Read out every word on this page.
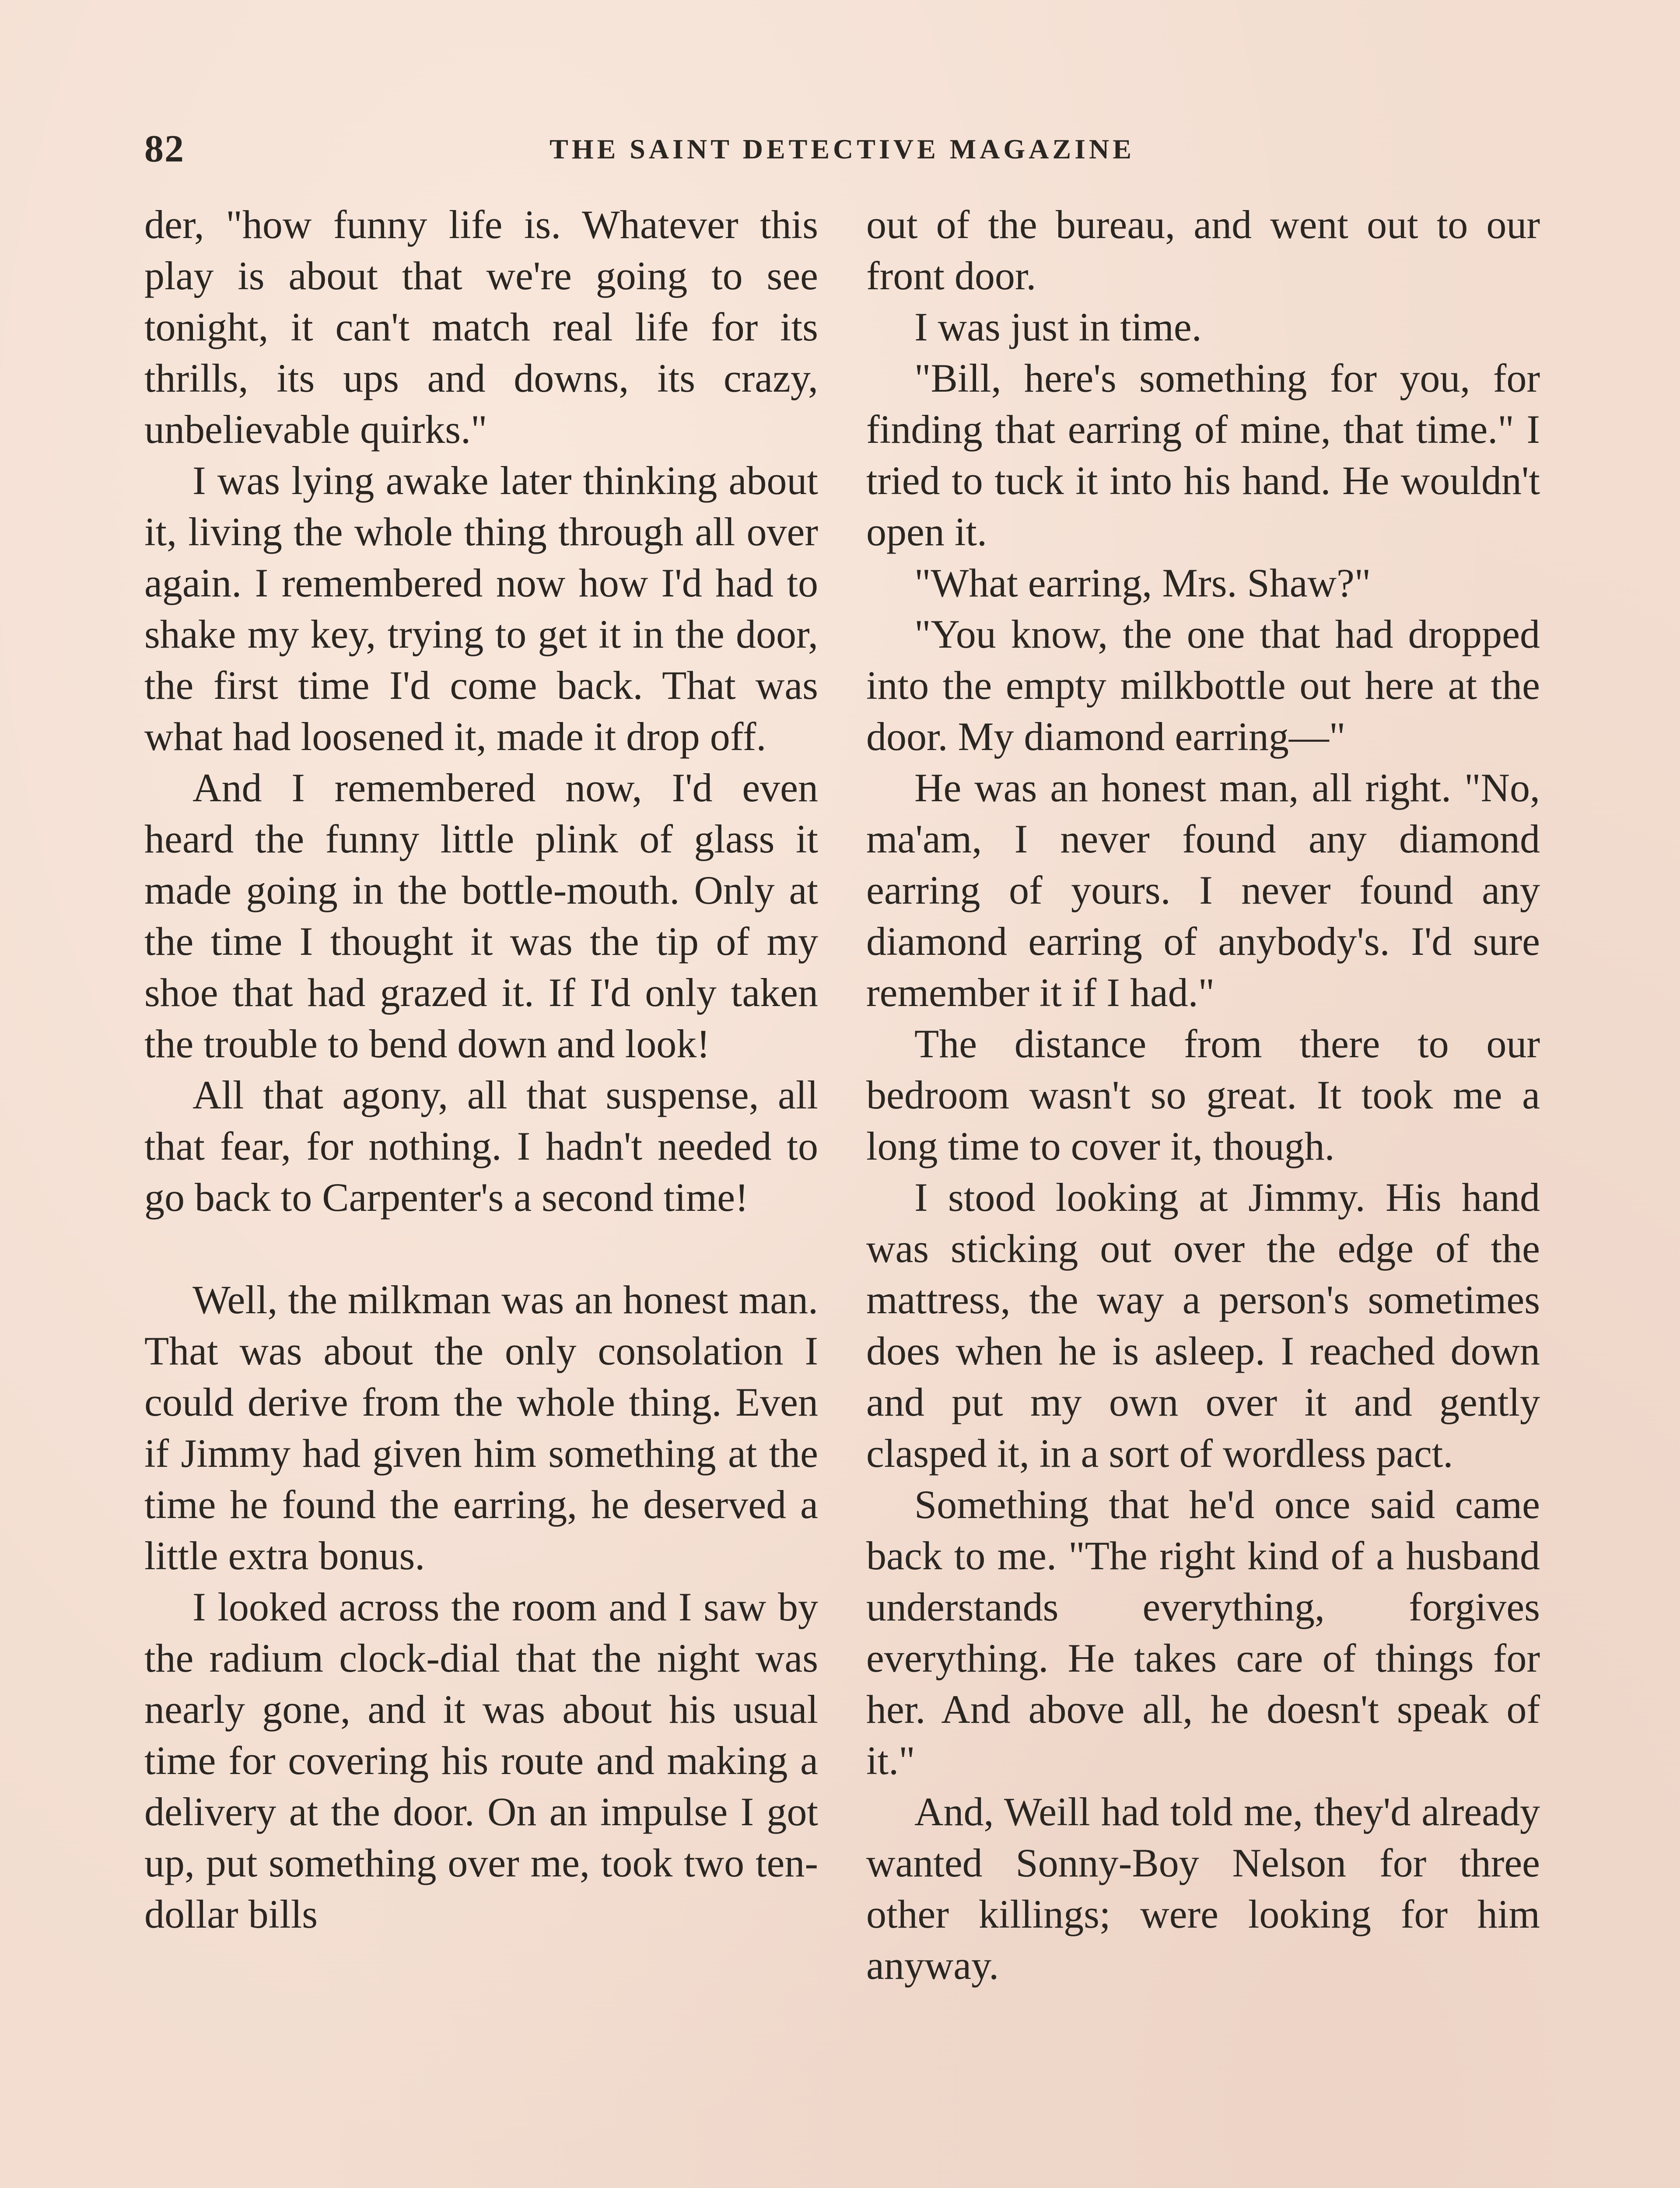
82	THE SAINT DETECTIVE MAGAZINE

der, "how funny life is. Whatever this play is about that we're going to see tonight, it can't match real life for its thrills, its ups and downs, its crazy, unbelievable quirks."

I was lying awake later thinking about it, living the whole thing through all over again. I remembered now how I'd had to shake my key, trying to get it in the door, the first time I'd come back. That was what had loosened it, made it drop off.

And I remembered now, I'd even heard the funny little plink of glass it made going in the bottle-mouth. Only at the time I thought it was the tip of my shoe that had grazed it. If I'd only taken the trouble to bend down and look!

All that agony, all that suspense, all that fear, for nothing. I hadn't needed to go back to Carpenter's a second time!

Well, the milkman was an honest man. That was about the only consolation I could derive from the whole thing. Even if Jimmy had given him something at the time he found the earring, he deserved a little extra bonus.

I looked across the room and I saw by the radium clock-dial that the night was nearly gone, and it was about his usual time for covering his route and making a delivery at the door. On an impulse I got up, put something over me, took two ten-dollar bills

out of the bureau, and went out to our front door.

I was just in time.

"Bill, here's something for you, for finding that earring of mine, that time." I tried to tuck it into his hand. He wouldn't open it.

"What earring, Mrs. Shaw?"

"You know, the one that had dropped into the empty milkbottle out here at the door. My diamond earring—"

He was an honest man, all right. "No, ma'am, I never found any diamond earring of yours. I never found any diamond earring of anybody's. I'd sure remember it if I had."

The distance from there to our bedroom wasn't so great. It took me a long time to cover it, though.

I stood looking at Jimmy. His hand was sticking out over the edge of the mattress, the way a person's sometimes does when he is asleep. I reached down and put my own over it and gently clasped it, in a sort of wordless pact.

Something that he'd once said came back to me. "The right kind of a husband understands everything, forgives everything. He takes care of things for her. And above all, he doesn't speak of it."

And, Weill had told me, they'd already wanted Sonny-Boy Nelson for three other killings; were looking for him anyway.
